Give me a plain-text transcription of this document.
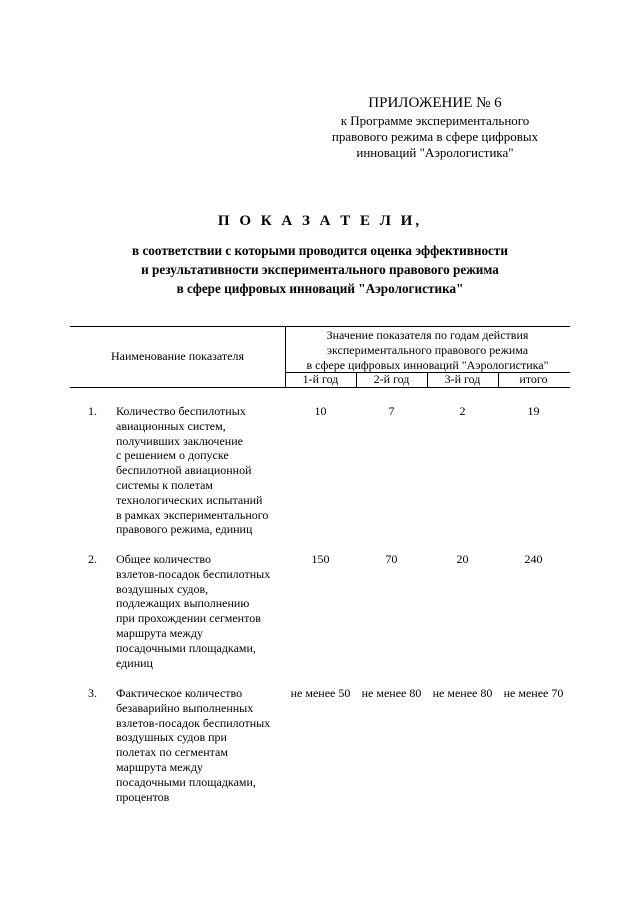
ПРИЛОЖЕНИЕ № 6
к Программе экспериментального
правового режима в сфере цифровых
инноваций "Аэрологистика"
П О К А З А Т Е Л И,
в соответствии с которыми проводится оценка эффективности
и результативности экспериментального правового режима
в сфере цифровых инноваций "Аэрологистика"
Наименование показателя
Значение показателя по годам действия
экспериментального правового режима
в сфере цифровых инноваций "Аэрологистика"
1-й год	2-й год	3-й год	итого
1. Количество беспилотных
авиационных систем,
получивших заключение
с решением о допуске
беспилотной авиационной
системы к полетам
технологических испытаний
в рамках экспериментального
правового режима, единиц
10	7	2	19
2. Общее количество
взлетов-посадок беспилотных
воздушных судов,
подлежащих выполнению
при прохождении сегментов
маршрута между
посадочными площадками,
единиц
150	70	20	240
3. Фактическое количество
безаварийно выполненных
взлетов-посадок беспилотных
воздушных судов при
полетах по сегментам
маршрута между
посадочными площадками,
процентов
не менее 50 не менее 80 не менее 80 не менее 70
